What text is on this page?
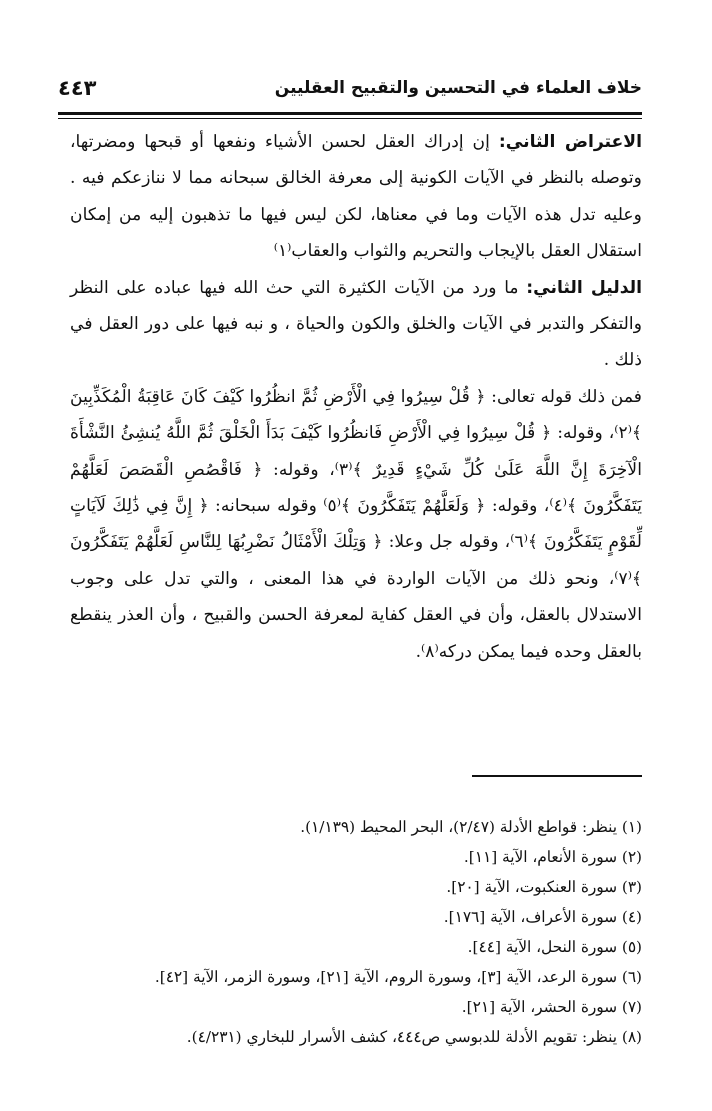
خلاف العلماء في التحسين والتقبيح العقليين
٤٤٣

الاعتراض الثاني: إن إدراك العقل لحسن الأشياء ونفعها أو قبحها ومضرتها، وتوصله بالنظر في الآيات الكونية إلى معرفة الخالق سبحانه مما لا ننازعكم فيه . وعليه تدل هذه الآيات وما في معناها، لكن ليس فيها ما تذهبون إليه من إمكان استقلال العقل بالإيجاب والتحريم والثواب والعقاب⁽١⁾

الدليل الثاني: ما ورد من الآيات الكثيرة التي حث الله فيها عباده على النظر والتفكر والتدبر في الآيات والخلق والكون والحياة ، و نبه فيها على دور العقل في ذلك .

فمن ذلك قوله تعالى: ﴿ قُلْ سِيرُوا فِي الْأَرْضِ ثُمَّ انظُرُوا كَيْفَ كَانَ عَاقِبَةُ الْمُكَذِّبِينَ ﴾⁽٢⁾، وقوله: ﴿ قُلْ سِيرُوا فِي الْأَرْضِ فَانظُرُوا كَيْفَ بَدَأَ الْخَلْقَ ثُمَّ اللَّهُ يُنشِئُ النَّشْأَةَ الْآخِرَةَ إِنَّ اللَّهَ عَلَىٰ كُلِّ شَيْءٍ قَدِيرٌ ﴾⁽٣⁾، وقوله: ﴿ فَاقْصُصِ الْقَصَصَ لَعَلَّهُمْ يَتَفَكَّرُونَ ﴾⁽٤⁾، وقوله: ﴿ وَلَعَلَّهُمْ يَتَفَكَّرُونَ ﴾⁽٥⁾ وقوله سبحانه: ﴿ إِنَّ فِي ذَٰلِكَ لَآيَاتٍ لِّقَوْمٍ يَتَفَكَّرُونَ ﴾⁽٦⁾، وقوله جل وعلا: ﴿ وَتِلْكَ الْأَمْثَالُ نَضْرِبُهَا لِلنَّاسِ لَعَلَّهُمْ يَتَفَكَّرُونَ ﴾⁽٧⁾، ونحو ذلك من الآيات الواردة في هذا المعنى ، والتي تدل على وجوب الاستدلال بالعقل، وأن في العقل كفاية لمعرفة الحسن والقبيح ، وأن العذر ينقطع بالعقل وحده فيما يمكن دركه⁽٨⁾.

(١) ينظر: قواطع الأدلة (٢/٤٧)، البحر المحيط (١/١٣٩).

(٢) سورة الأنعام، الآية [١١].

(٣) سورة العنكبوت، الآية [٢٠].

(٤) سورة الأعراف، الآية [١٧٦].

(٥) سورة النحل، الآية [٤٤].

(٦) سورة الرعد، الآية [٣]، وسورة الروم، الآية [٢١]، وسورة الزمر، الآية [٤٢].

(٧) سورة الحشر، الآية [٢١].

(٨) ينظر: تقويم الأدلة للدبوسي ص٤٤٤، كشف الأسرار للبخاري (٤/٢٣١).
